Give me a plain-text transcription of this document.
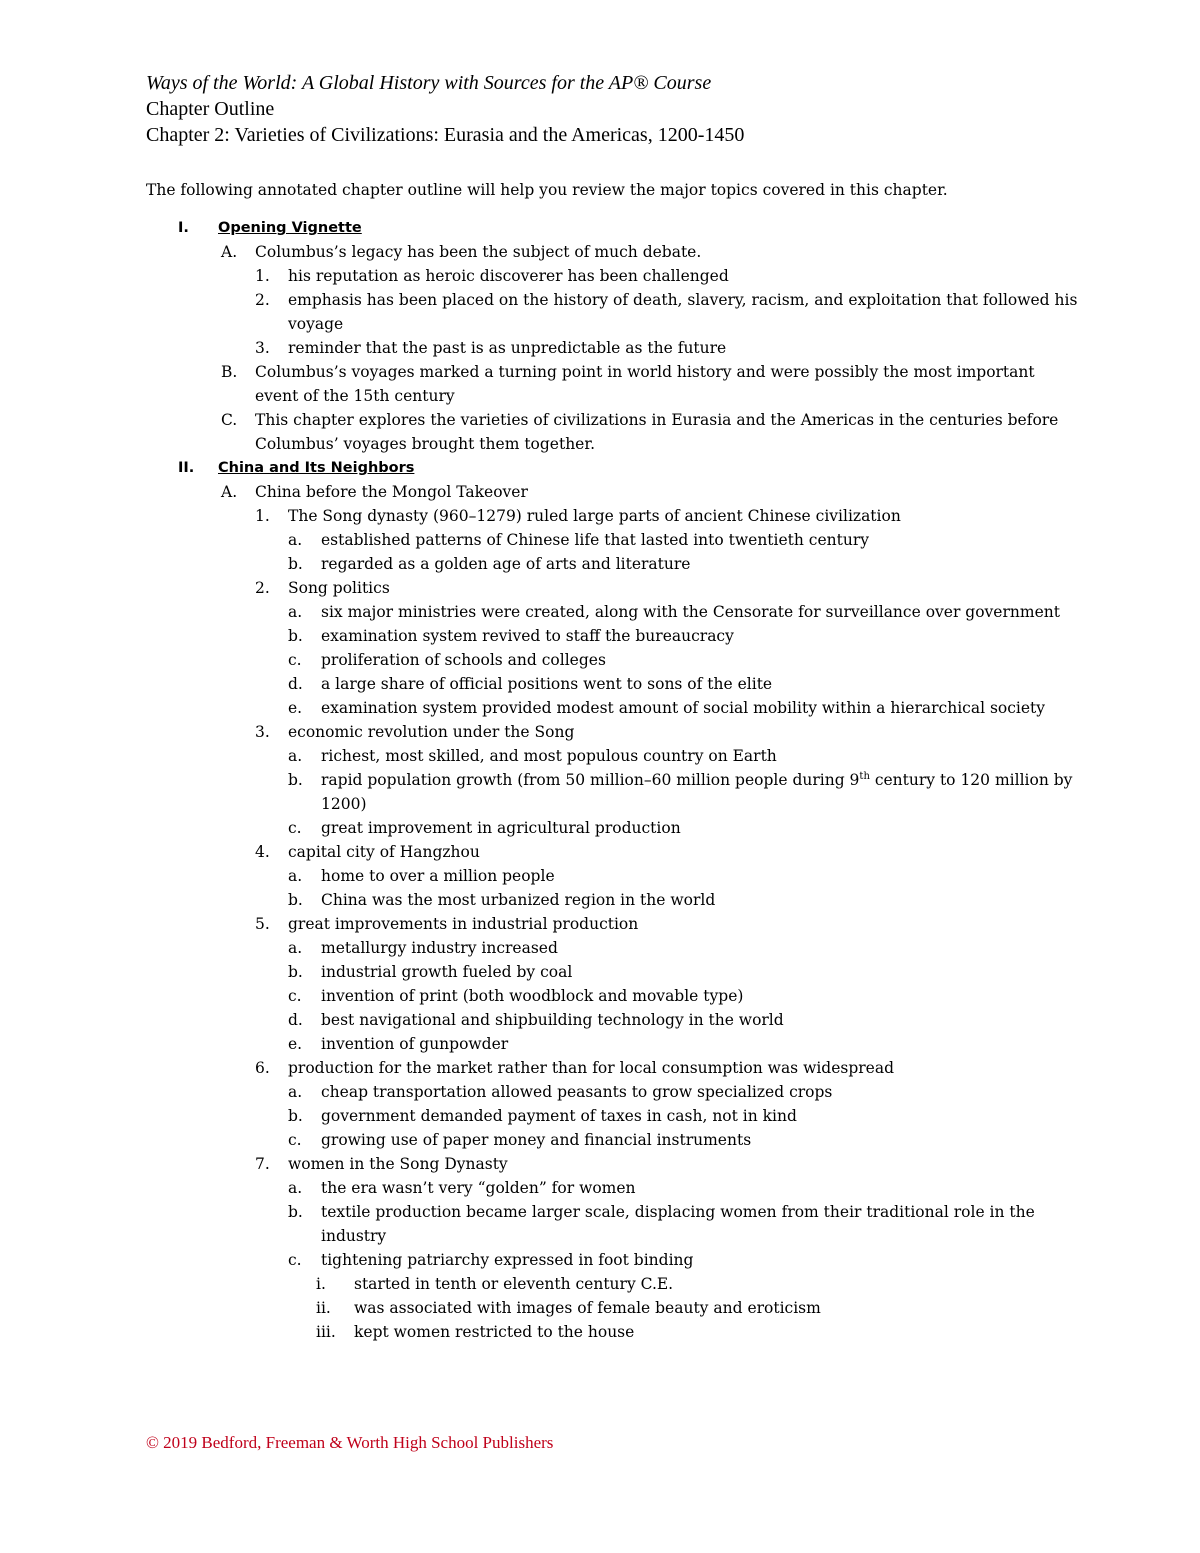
Ways of the World: A Global History with Sources for the AP® Course
Chapter Outline
Chapter 2: Varieties of Civilizations: Eurasia and the Americas, 1200-1450
The following annotated chapter outline will help you review the major topics covered in this chapter.
I. Opening Vignette
A. Columbus’s legacy has been the subject of much debate.
1. his reputation as heroic discoverer has been challenged
2. emphasis has been placed on the history of death, slavery, racism, and exploitation that followed his voyage
3. reminder that the past is as unpredictable as the future
B. Columbus’s voyages marked a turning point in world history and were possibly the most important event of the 15th century
C. This chapter explores the varieties of civilizations in Eurasia and the Americas in the centuries before Columbus’ voyages brought them together.
II. China and Its Neighbors
A. China before the Mongol Takeover
1. The Song dynasty (960–1279) ruled large parts of ancient Chinese civilization
a. established patterns of Chinese life that lasted into twentieth century
b. regarded as a golden age of arts and literature
2. Song politics
a. six major ministries were created, along with the Censorate for surveillance over government
b. examination system revived to staff the bureaucracy
c. proliferation of schools and colleges
d. a large share of official positions went to sons of the elite
e. examination system provided modest amount of social mobility within a hierarchical society
3. economic revolution under the Song
a. richest, most skilled, and most populous country on Earth
b. rapid population growth (from 50 million–60 million people during 9th century to 120 million by 1200)
c. great improvement in agricultural production
4. capital city of Hangzhou
a. home to over a million people
b. China was the most urbanized region in the world
5. great improvements in industrial production
a. metallurgy industry increased
b. industrial growth fueled by coal
c. invention of print (both woodblock and movable type)
d. best navigational and shipbuilding technology in the world
e. invention of gunpowder
6. production for the market rather than for local consumption was widespread
a. cheap transportation allowed peasants to grow specialized crops
b. government demanded payment of taxes in cash, not in kind
c. growing use of paper money and financial instruments
7. women in the Song Dynasty
a. the era wasn’t very “golden” for women
b. textile production became larger scale, displacing women from their traditional role in the industry
c. tightening patriarchy expressed in foot binding
i. started in tenth or eleventh century C.E.
ii. was associated with images of female beauty and eroticism
iii. kept women restricted to the house
© 2019 Bedford, Freeman & Worth High School Publishers
